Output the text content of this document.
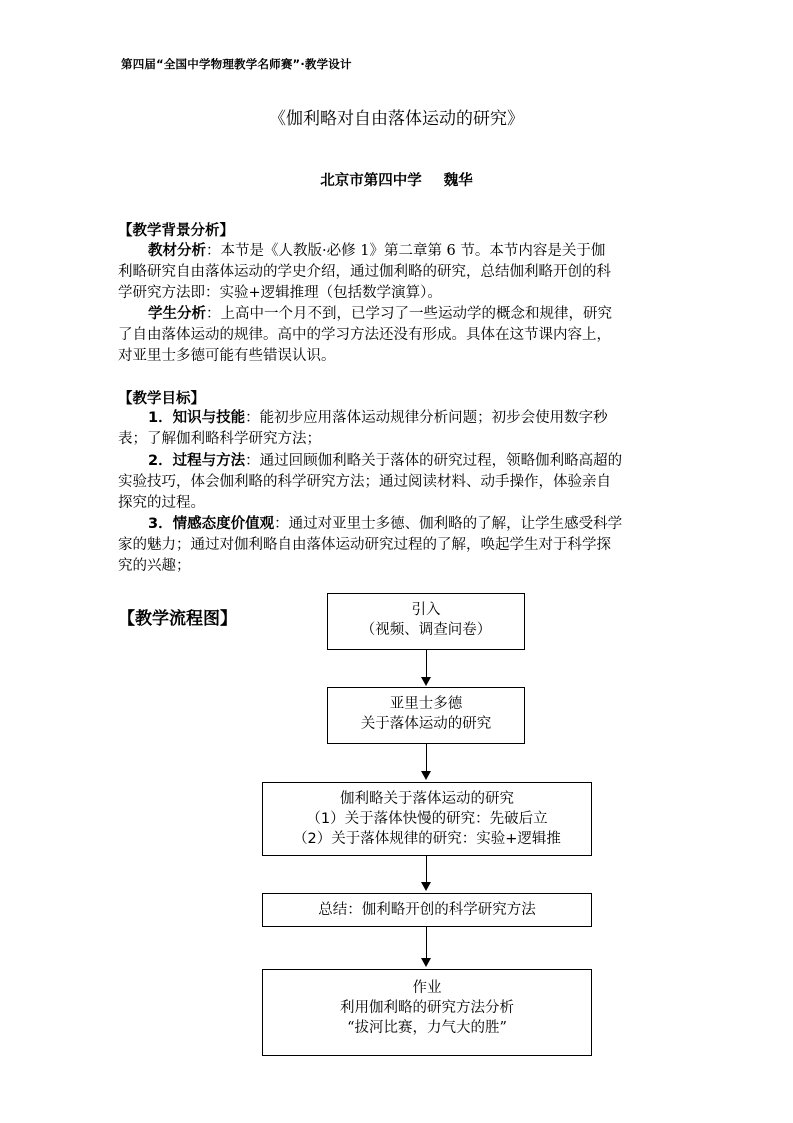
第四届“全国中学物理教学名师赛”·教学设计
《伽利略对自由落体运动的研究》
北京市第四中学 魏华
【教学背景分析】
教材分析：本节是《人教版·必修 1》第二章第 6 节。本节内容是关于伽
利略研究自由落体运动的学史介绍，通过伽利略的研究，总结伽利略开创的科
学研究方法即：实验+逻辑推理（包括数学演算）。
学生分析：上高中一个月不到，已学习了一些运动学的概念和规律，研究
了自由落体运动的规律。高中的学习方法还没有形成。具体在这节课内容上，
对亚里士多德可能有些错误认识。
【教学目标】
1．知识与技能：能初步应用落体运动规律分析问题；初步会使用数字秒
表；了解伽利略科学研究方法；
2．过程与方法：通过回顾伽利略关于落体的研究过程，领略伽利略高超的
实验技巧，体会伽利略的科学研究方法；通过阅读材料、动手操作，体验亲自
探究的过程。
3．情感态度价值观：通过对亚里士多德、伽利略的了解，让学生感受科学
家的魅力；通过对伽利略自由落体运动研究过程的了解，唤起学生对于科学探
究的兴趣；
【教学流程图】	引入
（视频、调查问卷）
亚里士多德
关于落体运动的研究
伽利略关于落体运动的研究
（1）关于落体快慢的研究：先破后立
（2）关于落体规律的研究：实验+逻辑推
总结：伽利略开创的科学研究方法
作业
利用伽利略的研究方法分析
“拔河比赛，力气大的胜”
